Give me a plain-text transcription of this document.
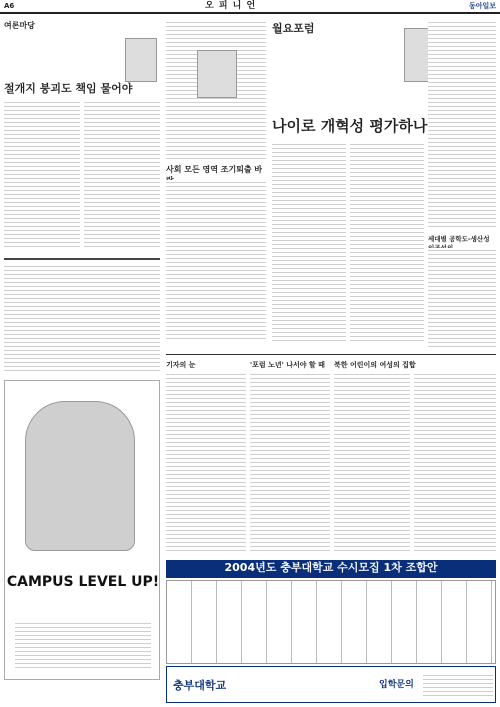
A6	오 피 니 언	동아일보
여론마당
절개지 붕괴도 책임 물어야
CAMPUS LEVEL UP!
사회 모든 영역 조기퇴출 바
월요포럼
나이로 개혁성 평가하나
세대별 공학도-생산성
기자의 눈	'포럼 노년' 나서야 할 때	북한 어린이의 여성의 집합
2004년도 충부대학교 수시모집 1차 조합안
충부대학교	입학문의
